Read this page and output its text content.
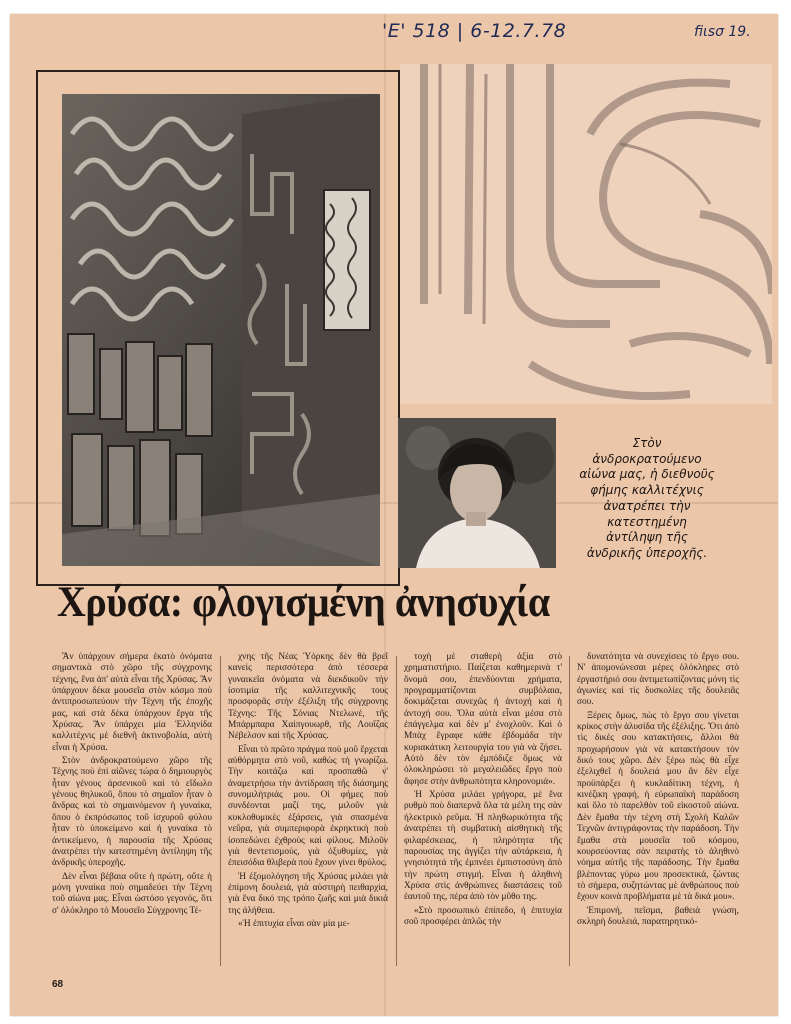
'E' 518 | 6-12.7.78	fiιsσ 19.
Στὸν
ἀνδροκρατούμενο
αἰώνα μας, ἡ διεθνοῦς
φήμης καλλιτέχνις
ἀνατρέπει τὴν
κατεστημένη
ἀντίληψη τῆς
ἀνδρικῆς ὑπεροχῆς.
Χρύσα: φλογισμένη ἀνησυχία

Ἂν ὑπάρχουν σήμερα ἑκατὸ ὀνόματα σημαντικὰ στὸ χῶρο τῆς σύγχρονης τέχνης, ἕνα ἀπ' αὐτὰ εἶναι τῆς Χρύσας. Ἂν ὑπάρχουν δέκα μουσεῖα στὸν κόσμο ποὺ ἀντιπροσωπεύουν τὴν Τέχνη τῆς ἐποχῆς μας, καὶ στὰ δέκα ὑπάρχουν ἔργα τῆς Χρύσας. Ἂν ὑπάρχει μία Ἑλληνίδα καλλιτέχνις μὲ διεθνῆ ἀκτινοβολία, αὐτὴ εἶναι ἡ Χρύσα.

Στὸν ἀνδροκρατούμενο χῶρο τῆς Τέχνης ποὺ ἐπὶ αἰῶνες τώρα ὁ δημιουργὸς ἦταν γένους ἀρσενικοῦ καὶ τὸ εἴδωλο γένους θηλυκοῦ, ὅπου τὸ σημαῖον ἦταν ὁ ἄνδρας καὶ τὸ σημαινόμενον ἡ γυναίκα, ὅπου ὁ ἐκπρόσωπος τοῦ ἰσχυροῦ φύλου ἦταν τὸ ὑποκείμενο καὶ ἡ γυναίκα τὸ ἀντικείμενο, ἡ παρουσία τῆς Χρύσας ἀνατρέπει τὴν κατεστημένη ἀντίληψη τῆς ἀνδρικῆς ὑπεροχῆς.

Δὲν εἶναι βέβαια οὔτε ἡ πρώτη, οὔτε ἡ μόνη γυναίκα ποὺ σημαδεύει τὴν Τέχνη τοῦ αἰώνα μας. Εἶναι ὡστόσο γεγονός, ὅτι σ' ὁλόκληρο τὸ Μουσεῖο Σύγχρονης Τέ-

χνης τῆς Νέας Ὑόρκης δὲν θὰ βρεῖ κανεὶς περισσότερα ἀπὸ τέσσερα γυναικεῖα ὀνόματα νὰ διεκδικοῦν τὴν ἰσοτιμία τῆς καλλιτεχνικῆς τους προσφορᾶς στὴν ἐξέλιξη τῆς σύγχρονης Τέχνης: Τῆς Σόνιας Ντελωνέ, τῆς Μπάρμπαρα Χαίπγουωρθ, τῆς Λουΐζας Νέβελσον καὶ τῆς Χρύσας.

Εἶναι τὸ πρῶτο πράγμα ποὺ μοῦ ἔρχεται αὐθόρμητα στὸ νοῦ, καθὼς τὴ γνωρίζω. Τὴν κοιτάζω καὶ προσπαθῶ ν' ἀναμετρήσω τὴν ἀντίδραση τῆς διάσημης συνομιλήτριάς μου. Οἱ φήμες ποὺ συνδέονται μαζί της, μιλοῦν γιὰ κυκλοθυμικὲς ἐξάρσεις, γιὰ σπασμένα νεῦρα, γιὰ συμπεριφορὰ ἐκρηκτικὴ ποὺ ἰσοπεδώνει ἐχθροὺς καὶ φίλους. Μιλοῦν γιὰ θεντετισμούς, γιὰ ὀξυθυμίες, γιὰ ἐπεισόδια θλιβερὰ ποὺ ἔχουν γίνει θρύλος.

Ἡ ἐξομολόγηση τῆς Χρύσας μιλάει γιὰ ἐπίμονη δουλειά, γιὰ αὐστηρὴ πειθαρχία, γιὰ ἕνα δικό της τρόπο ζωῆς καὶ μιὰ δικιά της ἀλήθεια.

«Ἡ ἐπιτυχία εἶναι σὰν μία με-

τοχὴ μὲ σταθερὴ ἀξία στὸ χρηματιστήριο. Παίζεται καθημερινὰ τ' ὄνομά σου, ἐπενδύονται χρήματα, προγραμματίζονται συμβόλαια, δοκιμάζεται συνεχῶς ἡ ἀντοχή καὶ ἡ ἀντοχή σου. Ὅλα αὐτὰ εἶναι μέσα στὸ ἐπάγγελμα καὶ δὲν μ' ἐνοχλοῦν. Καὶ ὁ Μπὰχ ἔγραφε κάθε ἑβδομάδα τὴν κυριακάτικη λειτουργία του γιὰ νὰ ζήσει. Αὐτὸ δὲν τὸν ἐμπόδιζε ὅμως νὰ ὁλοκληρώσει τὸ μεγαλειῶδες ἔργο ποὺ ἄφησε στὴν ἀνθρωπότητα κληρονομιά».

Ἡ Χρύσα μιλάει γρήγορα, μὲ ἕνα ρυθμὸ ποὺ διαπερνᾶ ὅλα τὰ μέλη της σὰν ἠλεκτρικὸ ρεῦμα. Ἡ πληθωρικότητα τῆς ἀνατρέπει τὴ συμβατικὴ αἰσθητικὴ τῆς φιλαρέσκειας, ἡ πληρότητα τῆς παρουσίας της ἀγγίζει τὴν αὐτάρκεια, ἡ γνησιότητά τῆς ἐμπνέει ἐμπιστοσύνη ἀπὸ τὴν πρώτη στιγμή. Εἶναι ἡ ἀληθινὴ Χρύσα στὶς ἀνθρώπινες διαστάσεις τοῦ ἑαυτοῦ της, πέρα ἀπὸ τὸν μῦθο της.

«Στὸ προσωπικὸ ἐπίπεδο, ἡ ἐπιτυχία σοῦ προσφέρει ἁπλῶς τὴν

δυνατότητα νὰ συνεχίσεις τὸ ἔργο σου. Ν' ἀπομονώνεσαι μέρες ὁλόκληρες στὸ ἐργαστήριό σου ἀντιμετωπίζοντας μόνη τὶς ἀγωνίες καὶ τὶς δυσκολίες τῆς δουλειᾶς σου.

Ξέρεις ὅμως, πὼς τὸ ἔργο σου γίνεται κρίκος στὴν ἁλυσίδα τῆς ἐξέλιξης. Ὅτι ἀπὸ τὶς δικές σου κατακτήσεις, ἄλλοι θὰ προχωρήσουν γιὰ νὰ κατακτήσουν τὸν δικό τους χῶρο. Δὲν ξέρω πὼς θὰ εἶχε ἐξελιχθεῖ ἡ δουλειά μου ἂν δὲν εἶχε προϋπάρξει ἡ κυκλαδίτικη τέχνη, ἡ κινέζικη γραφή, ἡ εὐρωπαϊκὴ παράδοση καὶ ὅλο τὸ παρελθὸν τοῦ εἰκοστοῦ αἰώνα. Δὲν ἔμαθα τὴν τέχνη στὴ Σχολὴ Καλῶν Τεχνῶν ἀντιγράφοντας τὴν παράδοση. Τὴν ἔμαθα στὰ μουσεῖα τοῦ κόσμου, κουρσεύοντας σὰν πειρατὴς τὸ ἀληθινὸ νόημα αὐτῆς τῆς παράδοσης. Τὴν ἔμαθα βλέποντας γύρω μου προσεκτικά, ζώντας τὸ σήμερα, συζητώντας μὲ ἀνθρώπους ποὺ ἔχουν κοινὰ προβλήματα μὲ τὰ δικά μου».

Ἐπιμονή, πεῖσμα, βαθειὰ γνώση, σκληρὴ δουλειά, παρατηρητικό-

68
